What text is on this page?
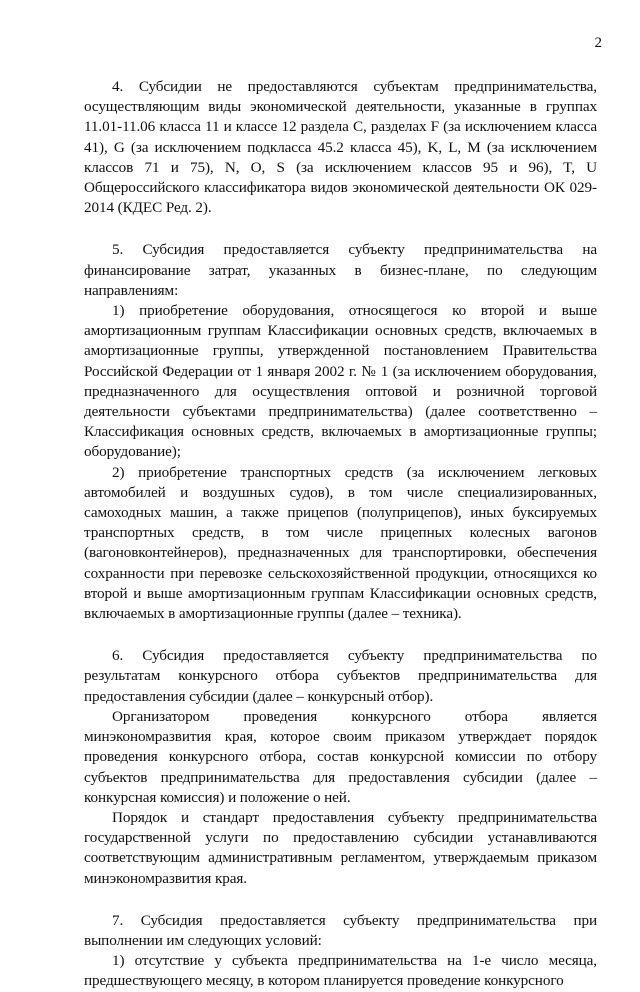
2

4. Субсидии не предоставляются субъектам предпринимательства, осуществляющим виды экономической деятельности, указанные в группах 11.01-11.06 класса 11 и классе 12 раздела С, разделах F (за исключением класса 41), G (за исключением подкласса 45.2 класса 45), K, L, M (за исключением классов 71 и 75), N, O, S (за исключением классов 95 и 96), T, U Общероссийского классификатора видов экономической деятельности ОК 029-2014 (КДЕС Ред. 2).

5. Субсидия предоставляется субъекту предпринимательства на финансирование затрат, указанных в бизнес-плане, по следующим направлениям:

1) приобретение оборудования, относящегося ко второй и выше амортизационным группам Классификации основных средств, включаемых в амортизационные группы, утвержденной постановлением Правительства Российской Федерации от 1 января 2002 г. № 1 (за исключением оборудования, предназначенного для осуществления оптовой и розничной торговой деятельности субъектами предпринимательства) (далее соответственно – Классификация основных средств, включаемых в амортизационные группы; оборудование);

2) приобретение транспортных средств (за исключением легковых автомобилей и воздушных судов), в том числе специализированных, самоходных машин, а также прицепов (полуприцепов), иных буксируемых транспортных средств, в том числе прицепных колесных вагонов (вагоновконтейнеров), предназначенных для транспортировки, обеспечения сохранности при перевозке сельскохозяйственной продукции, относящихся ко второй и выше амортизационным группам Классификации основных средств, включаемых в амортизационные группы (далее – техника).

6. Субсидия предоставляется субъекту предпринимательства по результатам конкурсного отбора субъектов предпринимательства для предоставления субсидии (далее – конкурсный отбор).

Организатором проведения конкурсного отбора является минэкономразвития края, которое своим приказом утверждает порядок проведения конкурсного отбора, состав конкурсной комиссии по отбору субъектов предпринимательства для предоставления субсидии (далее – конкурсная комиссия) и положение о ней.

Порядок и стандарт предоставления субъекту предпринимательства государственной услуги по предоставлению субсидии устанавливаются соответствующим административным регламентом, утверждаемым приказом минэкономразвития края.

7. Субсидия предоставляется субъекту предпринимательства при выполнении им следующих условий:

1) отсутствие у субъекта предпринимательства на 1-е число месяца, предшествующего месяцу, в котором планируется проведение конкурсного
